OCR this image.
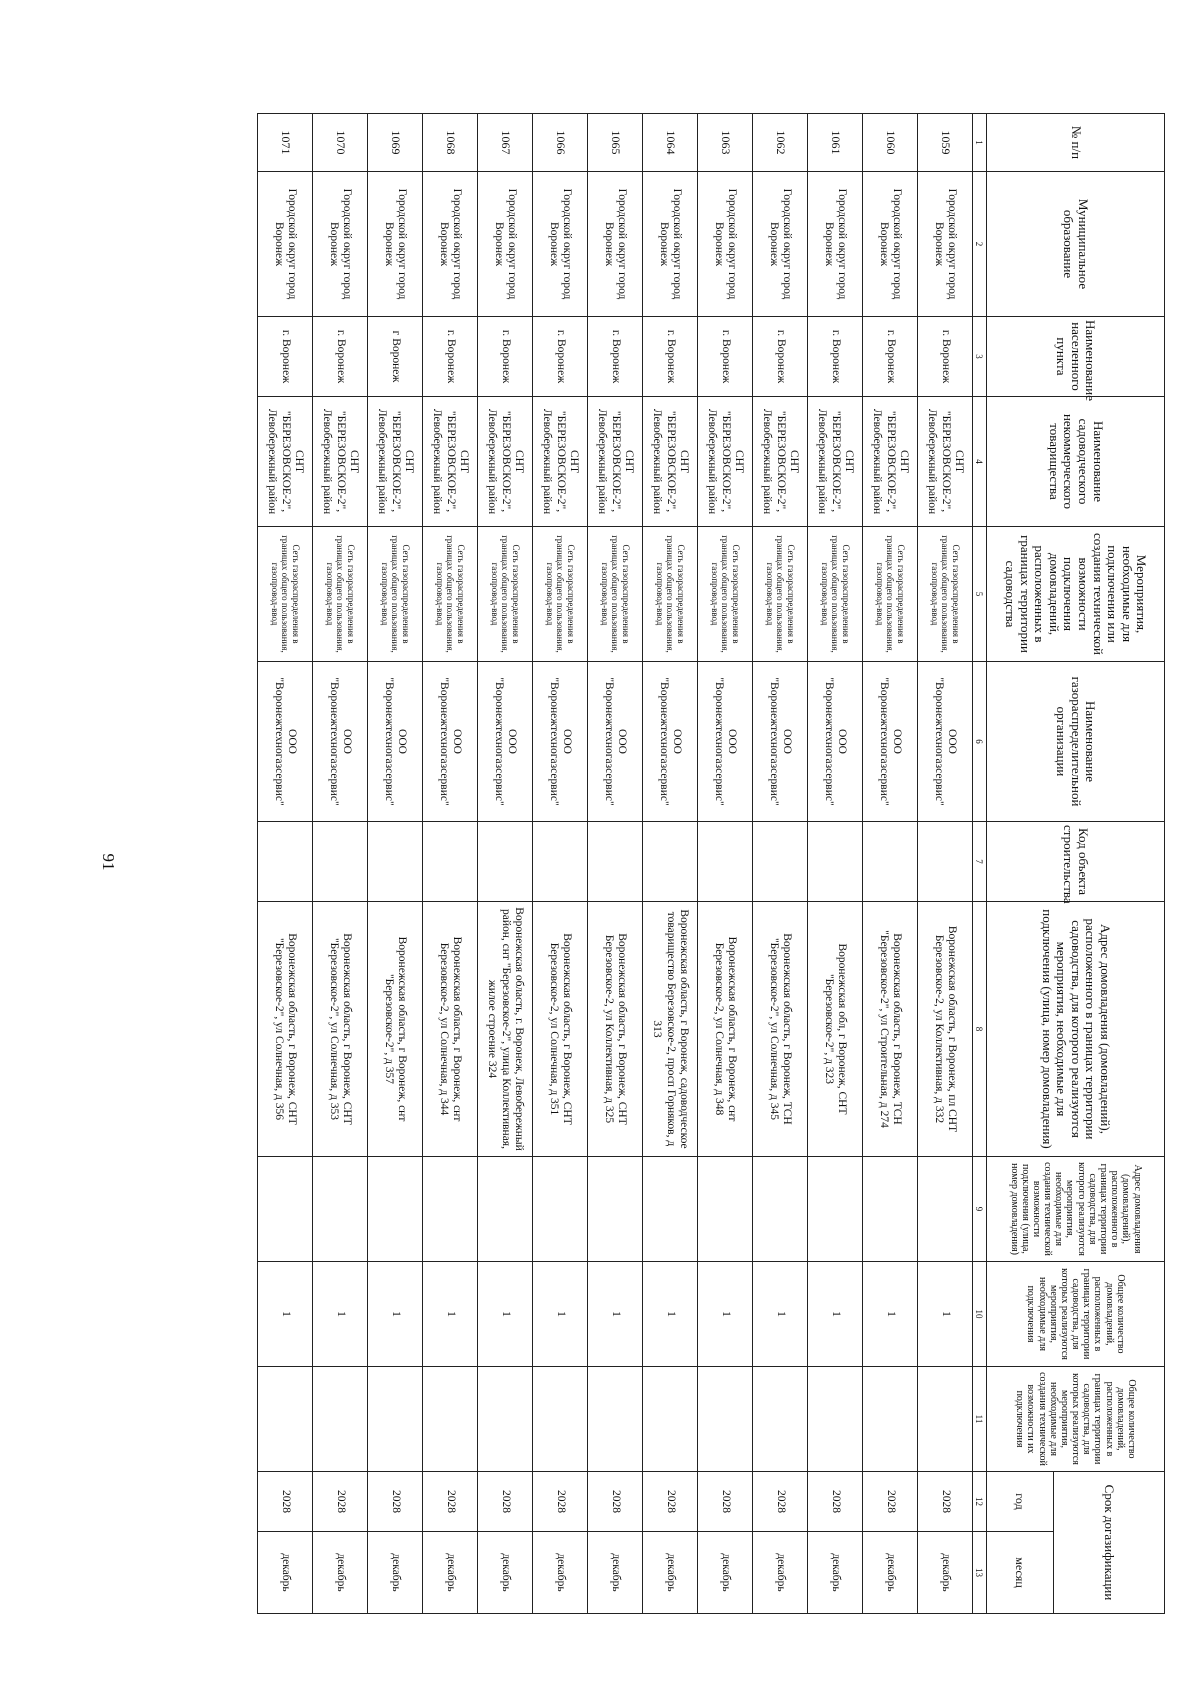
91
№ п/п	Муниципальное образование	Наименование населенного пункта	Наименование садоводческого некоммерческого товарищества	Мероприятия, необходимые для подключения или создания технической возможности подключения домовладений, расположенных в границах территории садоводства	Наименование газораспределительной организации	Код объекта строительства	Адрес домовладения (домовладений), расположенного в границах территории садоводства, для которого реализуются мероприятия, необходимые для подключения (улица, номер домовладения)	Адрес домовладения (домовладений), расположенного в границах территории садоводства, для которого реализуются мероприятия, необходимые для создания технической возможности подключения (улица, номер домовладения)	Общее количество домовладений, расположенных в границах территории садоводства, для которых реализуются мероприятия, необходимые для подключения	Общее количество домовладений, расположенных в границах территории садоводства, для которых реализуются мероприятия, необходимые для создания технической возможности их подключения	Срок догазификации	
											год	месяц
1	2	3	4	5	6	7	8	9	10	11	12	13
1059	Городской округ город Воронеж	г. Воронеж	СНТ "БЕРЕЗОВСКОЕ-2", Левобережный район	Сеть газораспределения в границах общего пользования, газопровод-ввод	ООО "Воронежтехногазсервис"		Воронежская область, г Воронеж, пл СНТ Березовское-2, ул Коллективная, д 332		1		2028	декабрь
1060	Городской округ город Воронеж	г. Воронеж	СНТ "БЕРЕЗОВСКОЕ-2", Левобережный район	Сеть газораспределения в границах общего пользования, газопровод-ввод	ООО "Воронежтехногазсервис"		Воронежская область, г Воронеж, ТСН "Березовское-2", ул Строительная, д 274		1		2028	декабрь
1061	Городской округ город Воронеж	г. Воронеж	СНТ "БЕРЕЗОВСКОЕ-2", Левобережный район	Сеть газораспределения в границах общего пользования, газопровод-ввод	ООО "Воронежтехногазсервис"		Воронежская обл, г Воронеж, СНТ "Березовское-2", д 323		1		2028	декабрь
1062	Городской округ город Воронеж	г. Воронеж	СНТ "БЕРЕЗОВСКОЕ-2", Левобережный район	Сеть газораспределения в границах общего пользования, газопровод-ввод	ООО "Воронежтехногазсервис"		Воронежская область, г Воронеж, ТСН "Березовское-2", ул Солнечная, д 345		1		2028	декабрь
1063	Городской округ город Воронеж	г. Воронеж	СНТ "БЕРЕЗОВСКОЕ-2", Левобережный район	Сеть газораспределения в границах общего пользования, газопровод-ввод	ООО "Воронежтехногазсервис"		Воронежская область, г Воронеж, снт Березовское-2, ул Солнечная, д 348		1		2028	декабрь
1064	Городской округ город Воронеж	г. Воронеж	СНТ "БЕРЕЗОВСКОЕ-2", Левобережный район	Сеть газораспределения в границах общего пользования, газопровод-ввод	ООО "Воронежтехногазсервис"		Воронежская область, г Воронеж, садоводческое товарищество Березовское-2, просп Горняков, д 313		1		2028	декабрь
1065	Городской округ город Воронеж	г. Воронеж	СНТ "БЕРЕЗОВСКОЕ-2", Левобережный район	Сеть газораспределения в границах общего пользования, газопровод-ввод	ООО "Воронежтехногазсервис"		Воронежская область, г Воронеж, СНТ Березовское-2, ул Коллективная, д 325		1		2028	декабрь
1066	Городской округ город Воронеж	г. Воронеж	СНТ "БЕРЕЗОВСКОЕ-2", Левобережный район	Сеть газораспределения в границах общего пользования, газопровод-ввод	ООО "Воронежтехногазсервис"		Воронежская область, г Воронеж, СНТ Березовское-2, ул Солнечная, д 351		1		2028	декабрь
1067	Городской округ город Воронеж	г. Воронеж	СНТ "БЕРЕЗОВСКОЕ-2", Левобережный район	Сеть газораспределения в границах общего пользования, газопровод-ввод	ООО "Воронежтехногазсервис"		Воронежская область, г. Воронеж, Левобережный район, снт "Березовское-2", улица Коллективная, жилое строение 324		1		2028	декабрь
1068	Городской округ город Воронеж	г. Воронеж	СНТ "БЕРЕЗОВСКОЕ-2", Левобережный район	Сеть газораспределения в границах общего пользования, газопровод-ввод	ООО "Воронежтехногазсервис"		Воронежская область, г Воронеж, снт Березовское-2, ул Солнечная, д 344		1		2028	декабрь
1069	Городской округ город Воронеж	г Воронеж	СНТ "БЕРЕЗОВСКОЕ-2", Левобережный район	Сеть газораспределения в границах общего пользования, газопровод-ввод	ООО "Воронежтехногазсервис"		Воронежская область, г Воронеж, снт "Березовское-2", д 357		1		2028	декабрь
1070	Городской округ город Воронеж	г. Воронеж	СНТ "БЕРЕЗОВСКОЕ-2", Левобережный район	Сеть газораспределения в границах общего пользования, газопровод-ввод	ООО "Воронежтехногазсервис"		Воронежская область, г Воронеж, СНТ "Березовское-2", ул Солнечная, д 353		1		2028	декабрь
1071	Городской округ город Воронеж	г. Воронеж	СНТ "БЕРЕЗОВСКОЕ-2", Левобережный район	Сеть газораспределения в границах общего пользования, газопровод-ввод	ООО "Воронежтехногазсервис"		Воронежская область, г Воронеж, СНТ "Березовское-2", ул Солнечная, д 356		1		2028	декабрь
